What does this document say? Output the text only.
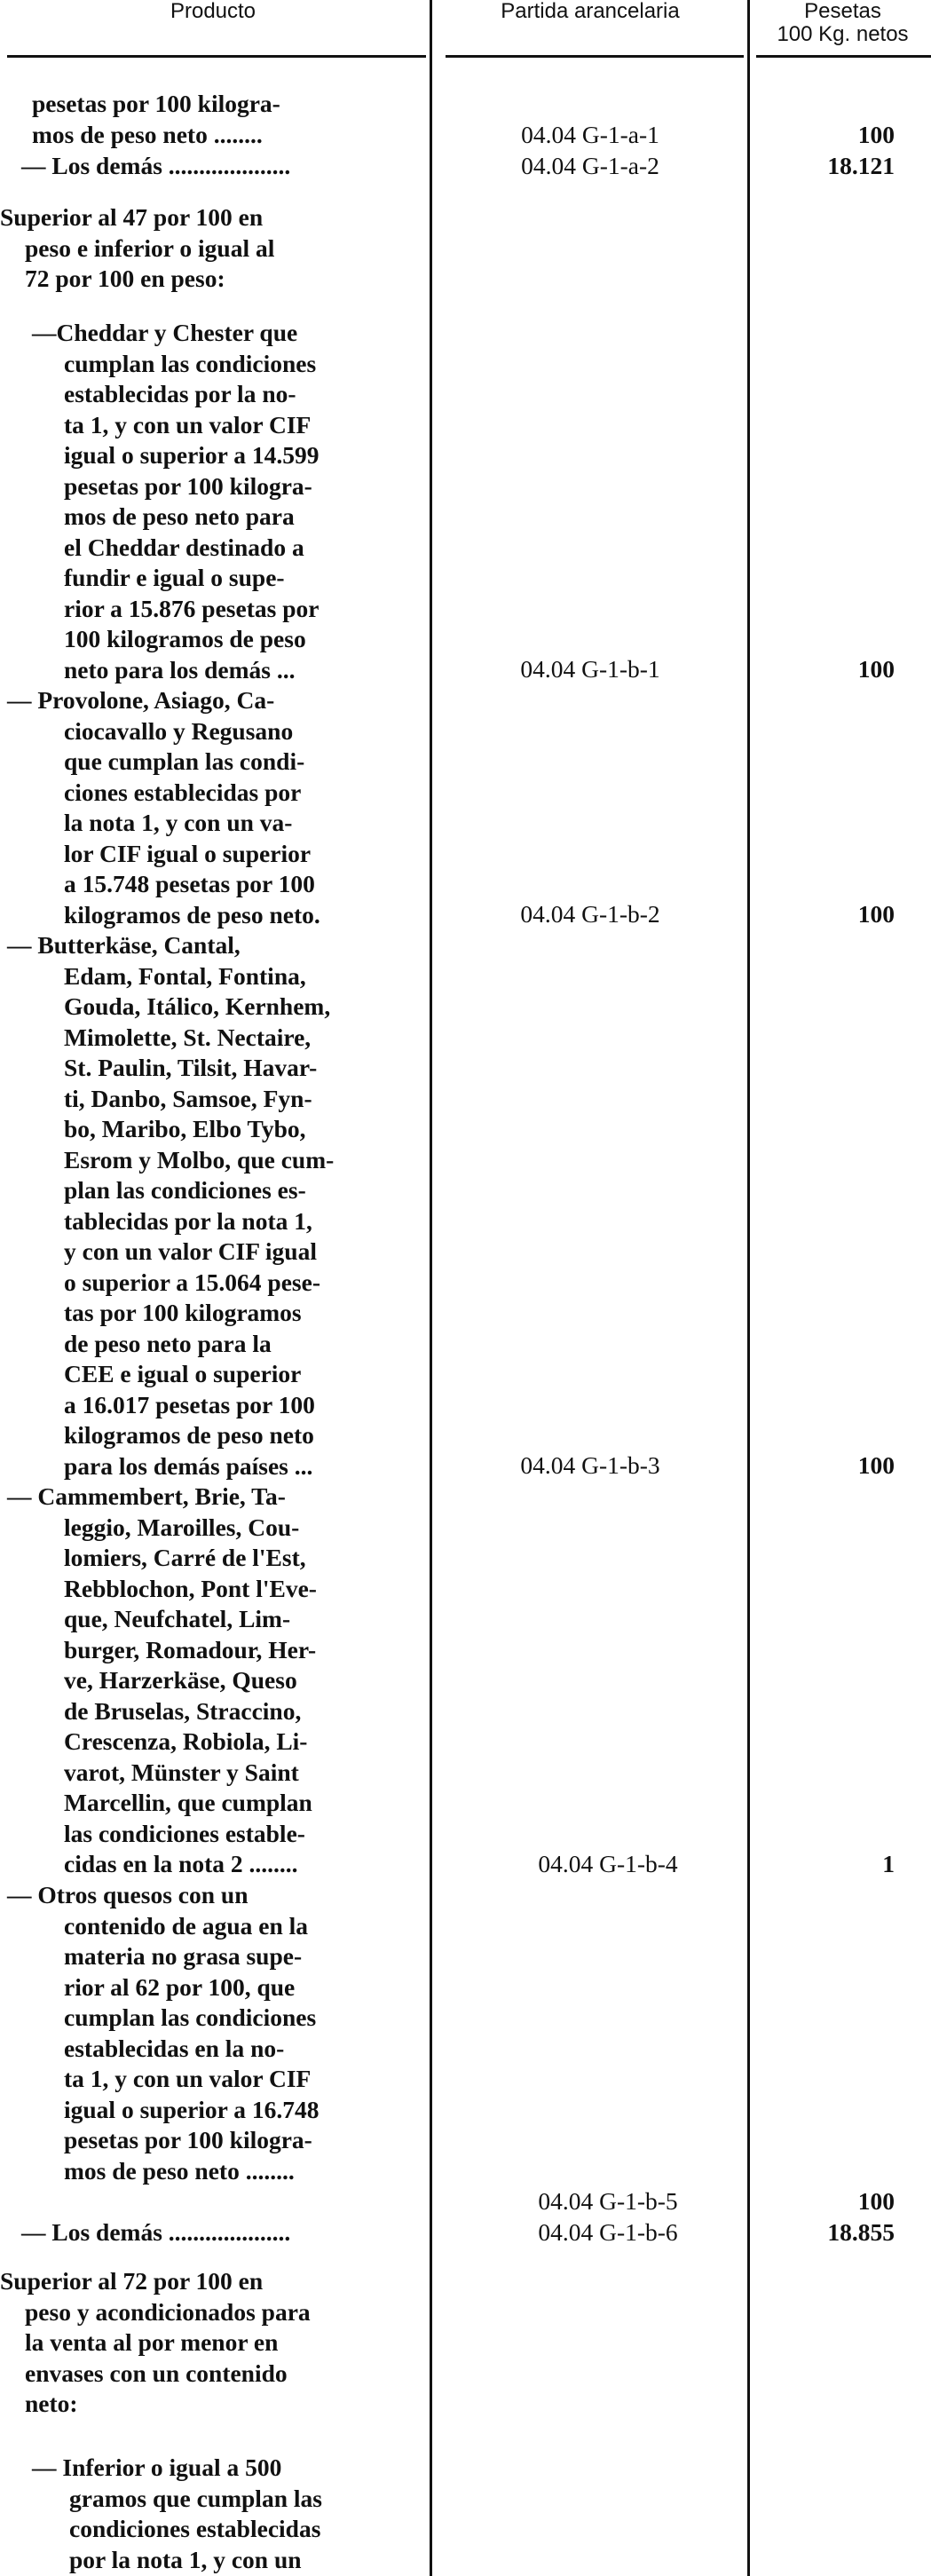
Producto	Partida arancelaria	Pesetas
100 Kg. netos
pesetas por 100 kilogra-
mos de peso neto ........	04.04 G-1-a-1	100
— Los demás ....................	04.04 G-1-a-2	18.121
Superior al 47 por 100 en
peso e inferior o igual al
72 por 100 en peso:
—Cheddar y Chester que
cumplan las condiciones
establecidas por la no-
ta 1, y con un valor CIF
igual o superior a 14.599
pesetas por 100 kilogra-
mos de peso neto para
el Cheddar destinado a
fundir e igual o supe-
rior a 15.876 pesetas por
100 kilogramos de peso
neto para los demás ...	04.04 G-1-b-1	100
— Provolone, Asiago, Ca-
ciocavallo y Regusano
que cumplan las condi-
ciones establecidas por
la nota 1, y con un va-
lor CIF igual o superior
a 15.748 pesetas por 100
kilogramos de peso neto.	04.04 G-1-b-2	100
— Butterkäse, Cantal,
Edam, Fontal, Fontina,
Gouda, Itálico, Kernhem,
Mimolette, St. Nectaire,
St. Paulin, Tilsit, Havar-
ti, Danbo, Samsoe, Fyn-
bo, Maribo, Elbo Tybo,
Esrom y Molbo, que cum-
plan las condiciones es-
tablecidas por la nota 1,
y con un valor CIF igual
o superior a 15.064 pese-
tas por 100 kilogramos
de peso neto para la
CEE e igual o superior
a 16.017 pesetas por 100
kilogramos de peso neto
para los demás países ...	04.04 G-1-b-3	100
— Cammembert, Brie, Ta-
leggio, Maroilles, Cou-
lomiers, Carré de l'Est,
Rebblochon, Pont l'Eve-
que, Neufchatel, Lim-
burger, Romadour, Her-
ve, Harzerkäse, Queso
de Bruselas, Straccino,
Crescenza, Robiola, Li-
varot, Münster y Saint
Marcellin, que cumplan
las condiciones estable-
cidas en la nota 2 ........	04.04 G-1-b-4	1
— Otros quesos con un
contenido de agua en la
materia no grasa supe-
rior al 62 por 100, que
cumplan las condiciones
establecidas en la no-
ta 1, y con un valor CIF
igual o superior a 16.748
pesetas por 100 kilogra-
mos de peso neto ........
04.04 G-1-b-5	100
— Los demás ....................	04.04 G-1-b-6	18.855
Superior al 72 por 100 en
peso y acondicionados para
la venta al por menor en
envases con un contenido
neto:
— Inferior o igual a 500
gramos que cumplan las
condiciones establecidas
por la nota 1, y con un
